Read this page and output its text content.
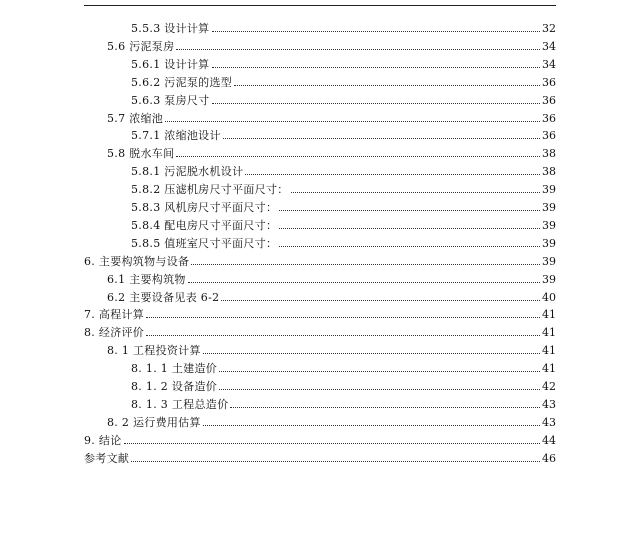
5.5.3 设计计算	32
5.6 污泥泵房	34
5.6.1 设计计算	34
5.6.2 污泥泵的选型	36
5.6.3 泵房尺寸	36
5.7 浓缩池	36
5.7.1 浓缩池设计	36
5.8 脱水车间	38
5.8.1 污泥脱水机设计	38
5.8.2 压滤机房尺寸平面尺寸：	39
5.8.3 风机房尺寸平面尺寸：	39
5.8.4 配电房尺寸平面尺寸：	39
5.8.5 值班室尺寸平面尺寸：	39
6. 主要构筑物与设备	39
6.1 主要构筑物	39
6.2 主要设备见表 6-2	40
7. 高程计算	41
8. 经济评价	41
8. 1 工程投资计算	41
8. 1. 1 土建造价	41
8. 1. 2 设备造价	42
8. 1. 3 工程总造价	43
8. 2 运行费用估算	43
9. 结论	44
参考文献	46
